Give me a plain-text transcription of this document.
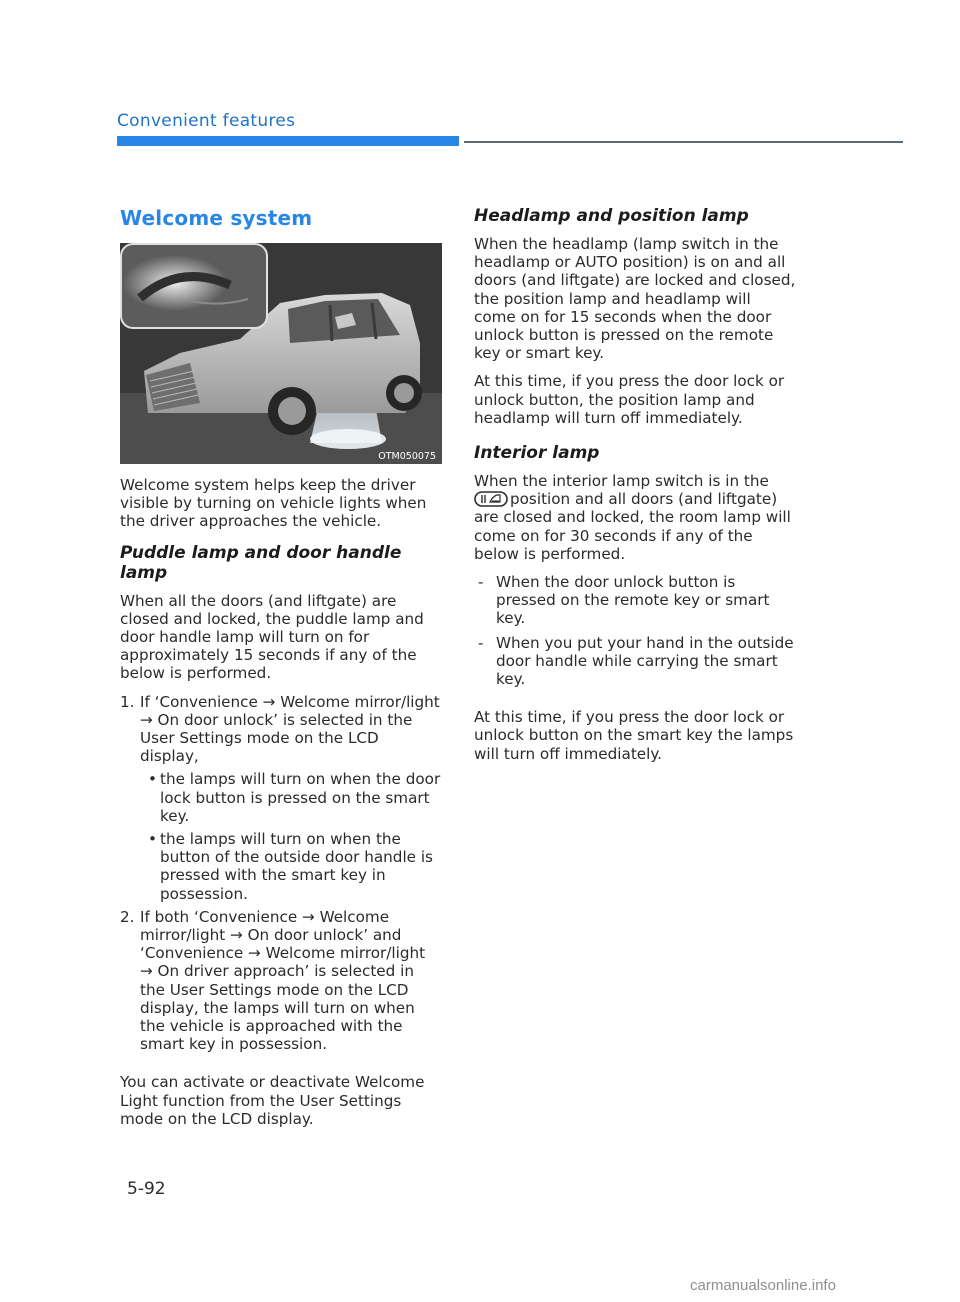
Convenient features
Welcome system
OTM050075

Welcome system helps keep the driver visible by turning on vehicle lights when the driver approaches the vehicle.

Puddle lamp and door handle lamp

When all the doors (and liftgate) are closed and locked, the puddle lamp and door handle lamp will turn on for approximately 15 seconds if any of the below is performed.

1. If ‘Convenience → Welcome mirror/light → On door unlock’ is selected in the User Settings mode on the LCD display,
• the lamps will turn on when the door lock button is pressed on the smart key.
• the lamps will turn on when the button of the outside door handle is pressed with the smart key in possession.
2. If both ‘Convenience → Welcome mirror/light → On door unlock’ and ‘Convenience → Welcome mirror/light → On driver approach’ is selected in the User Settings mode on the LCD display, the lamps will turn on when the vehicle is approached with the smart key in possession.

You can activate or deactivate Welcome Light function from the User Settings mode on the LCD display.

Headlamp and position lamp

When the headlamp (lamp switch in the headlamp or AUTO position) is on and all doors (and liftgate) are locked and closed, the position lamp and headlamp will come on for 15 seconds when the door unlock button is pressed on the remote key or smart key.

At this time, if you press the door lock or unlock button, the position lamp and headlamp will turn off immediately.

Interior lamp

When the interior lamp switch is in the position and all doors (and liftgate) are closed and locked, the room lamp will come on for 30 seconds if any of the below is performed.

- When the door unlock button is pressed on the remote key or smart key.
- When you put your hand in the outside door handle while carrying the smart key.

At this time, if you press the door lock or unlock button on the smart key the lamps will turn off immediately.

5-92
carmanualsonline.info
